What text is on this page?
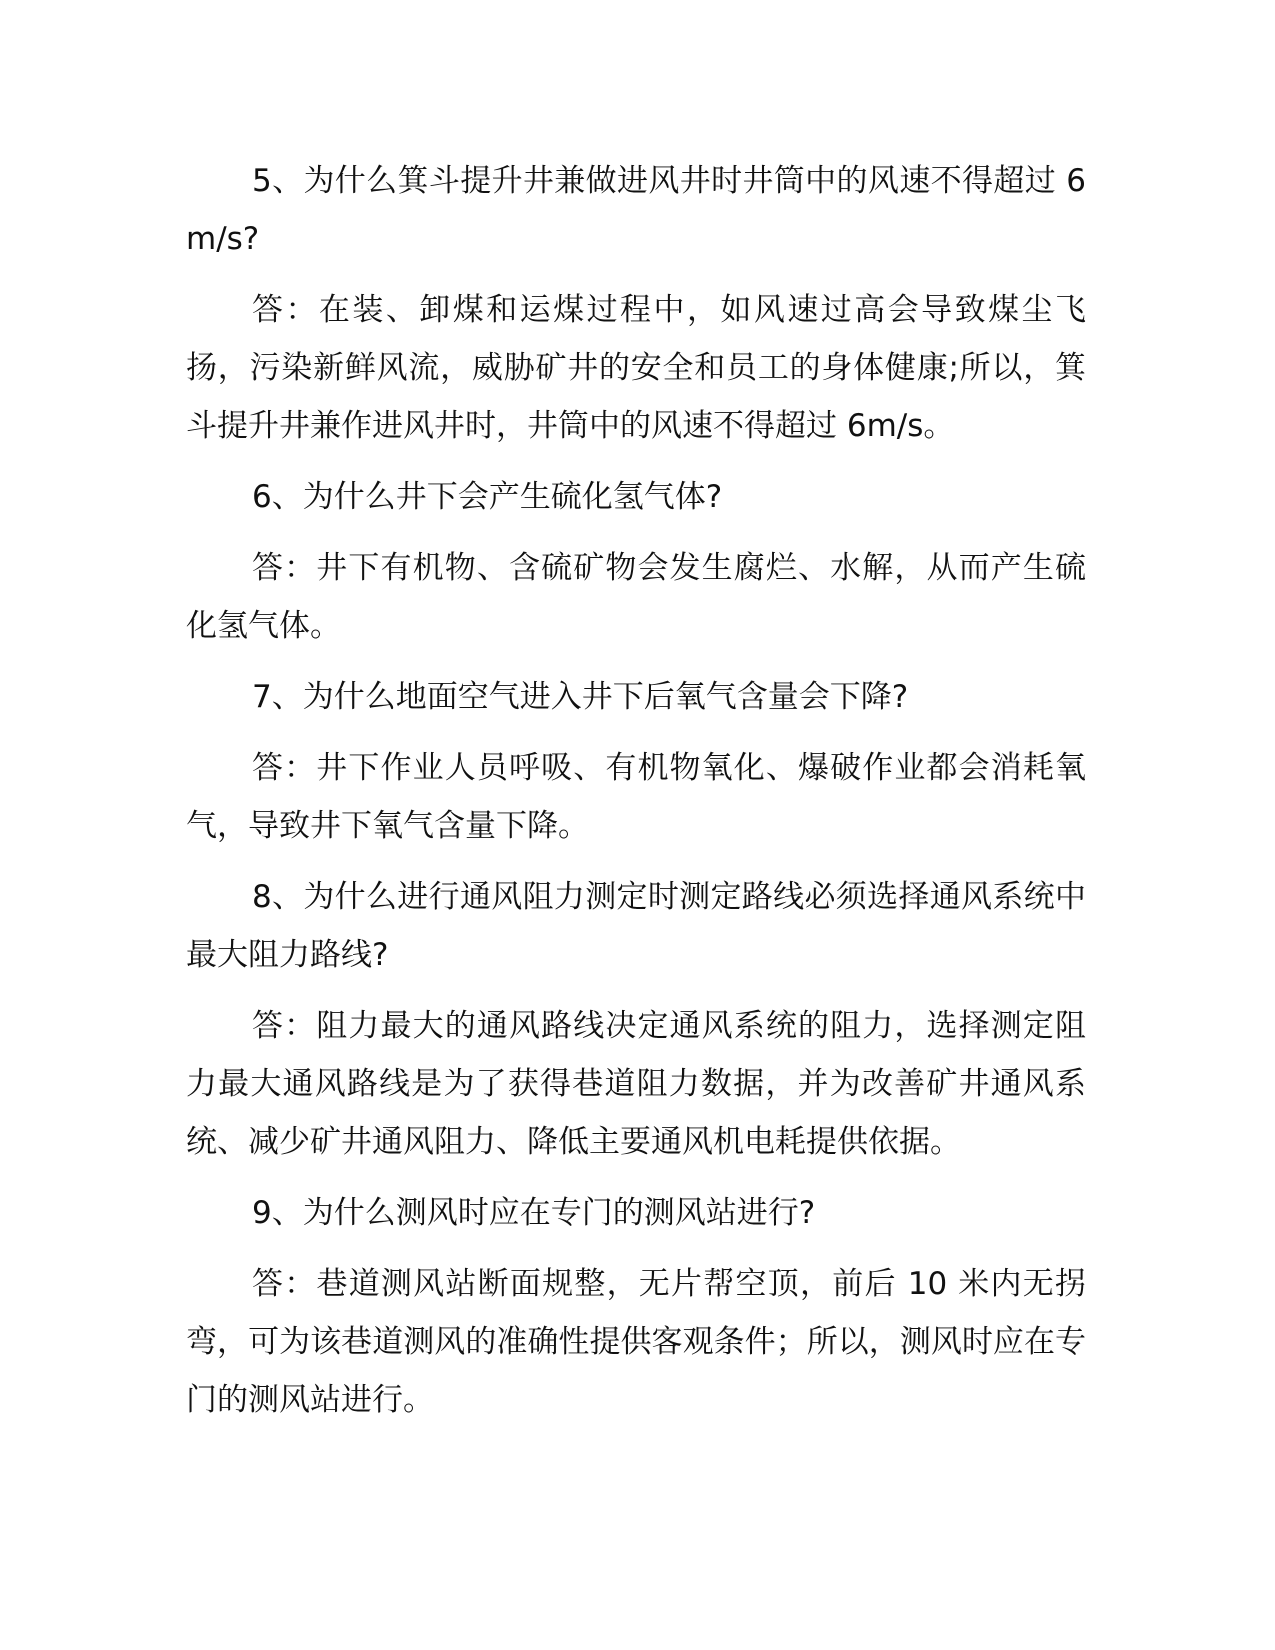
5、为什么箕斗提升井兼做进风井时井筒中的风速不得超过 6m/s?

答：在装、卸煤和运煤过程中，如风速过高会导致煤尘飞扬，污染新鲜风流，威胁矿井的安全和员工的身体健康;所以，箕斗提升井兼作进风井时，井筒中的风速不得超过 6m/s。

6、为什么井下会产生硫化氢气体?

答：井下有机物、含硫矿物会发生腐烂、水解，从而产生硫化氢气体。

7、为什么地面空气进入井下后氧气含量会下降?

答：井下作业人员呼吸、有机物氧化、爆破作业都会消耗氧气，导致井下氧气含量下降。

8、为什么进行通风阻力测定时测定路线必须选择通风系统中最大阻力路线?

答：阻力最大的通风路线决定通风系统的阻力，选择测定阻力最大通风路线是为了获得巷道阻力数据，并为改善矿井通风系统、减少矿井通风阻力、降低主要通风机电耗提供依据。

9、为什么测风时应在专门的测风站进行?

答：巷道测风站断面规整，无片帮空顶，前后 10 米内无拐弯，可为该巷道测风的准确性提供客观条件；所以，测风时应在专门的测风站进行。
